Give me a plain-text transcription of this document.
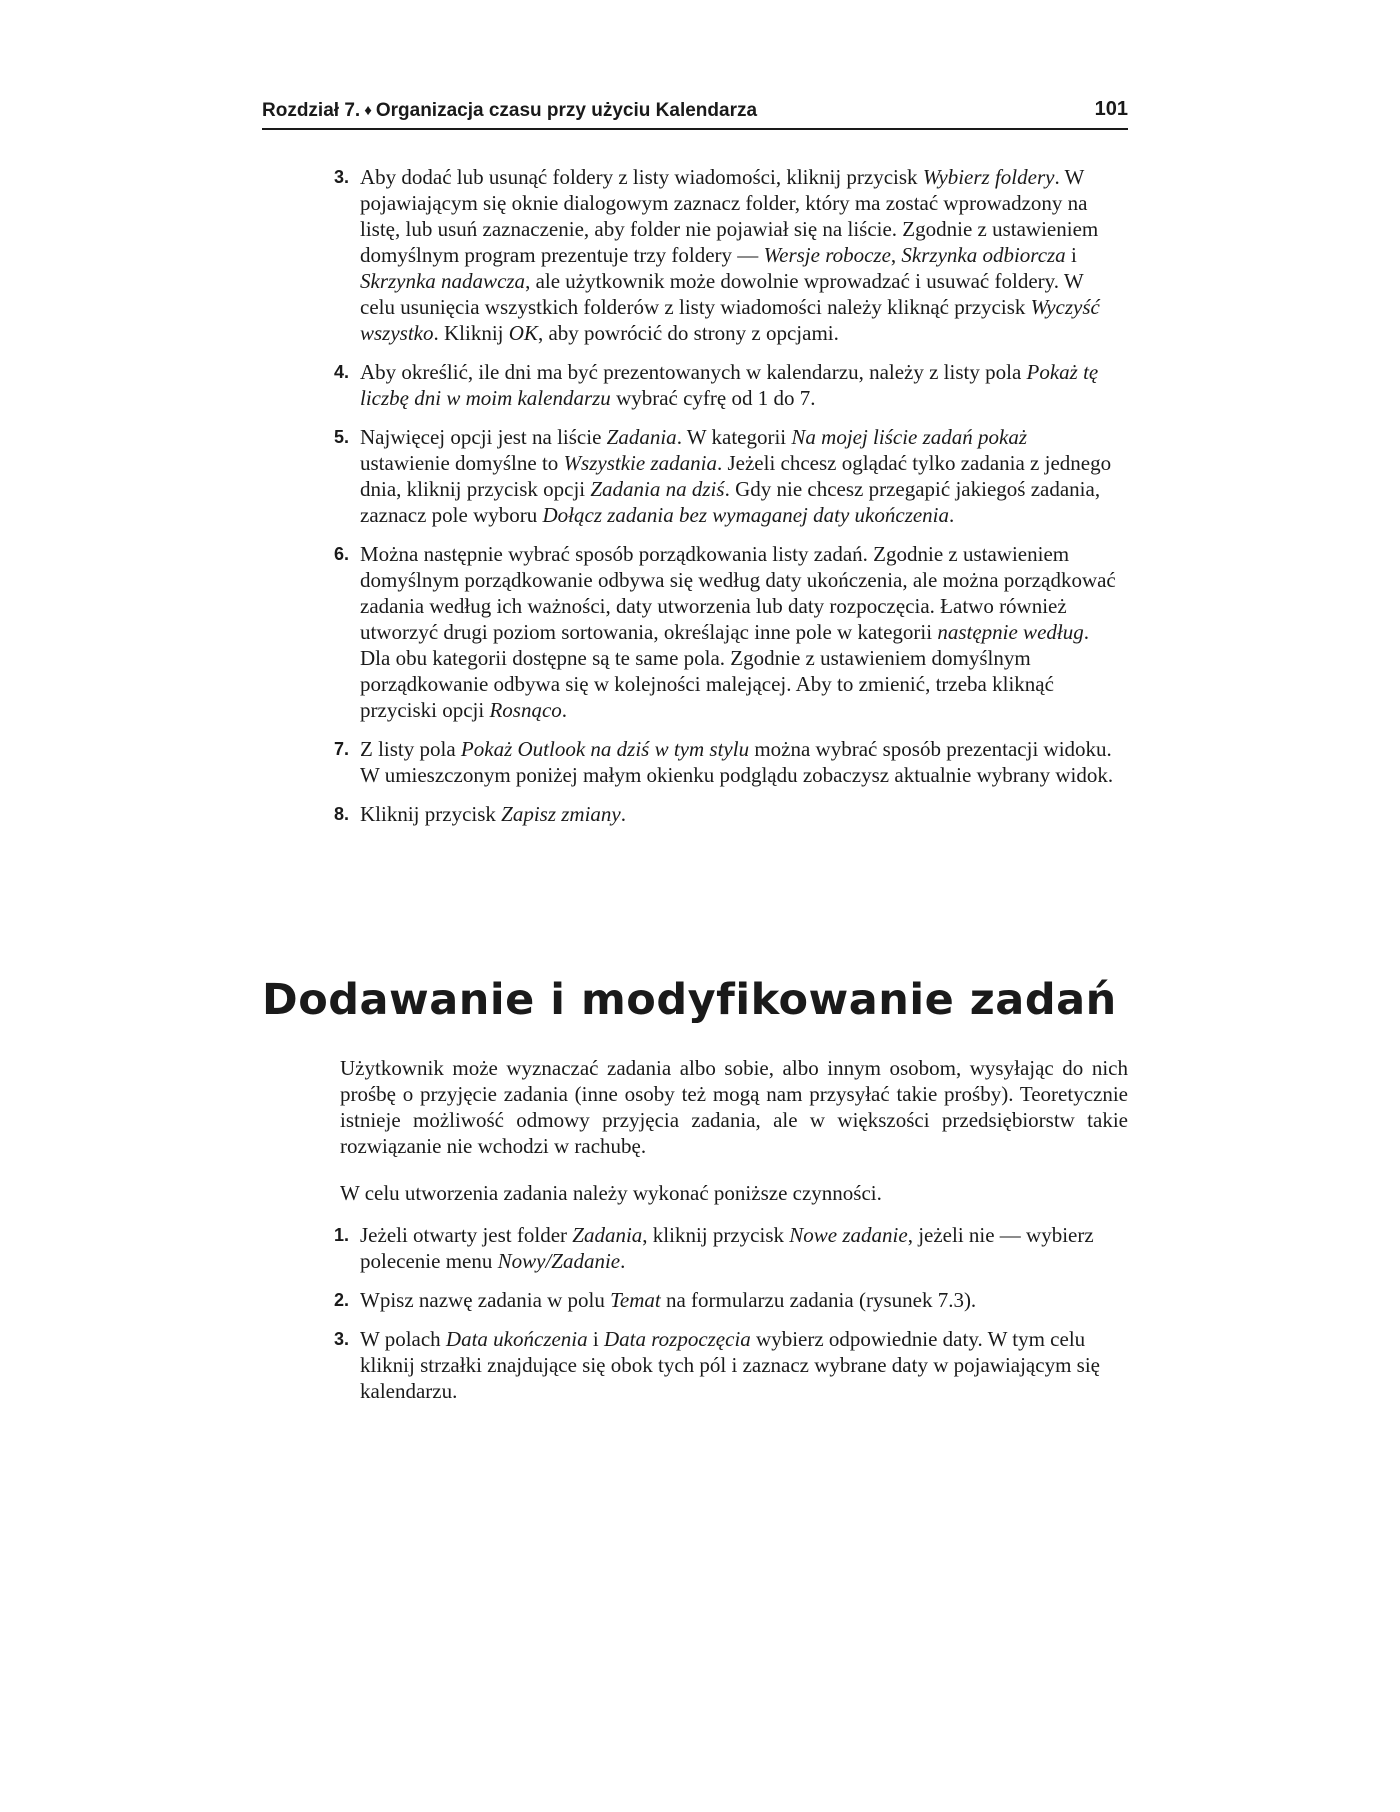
Rozdział 7. ♦ Organizacja czasu przy użyciu Kalendarza	101
3. Aby dodać lub usunąć foldery z listy wiadomości, kliknij przycisk Wybierz foldery. W pojawiającym się oknie dialogowym zaznacz folder, który ma zostać wprowadzony na listę, lub usuń zaznaczenie, aby folder nie pojawiał się na liście. Zgodnie z ustawieniem domyślnym program prezentuje trzy foldery — Wersje robocze, Skrzynka odbiorcza i Skrzynka nadawcza, ale użytkownik może dowolnie wprowadzać i usuwać foldery. W celu usunięcia wszystkich folderów z listy wiadomości należy kliknąć przycisk Wyczyść wszystko. Kliknij OK, aby powrócić do strony z opcjami.
4. Aby określić, ile dni ma być prezentowanych w kalendarzu, należy z listy pola Pokaż tę liczbę dni w moim kalendarzu wybrać cyfrę od 1 do 7.
5. Najwięcej opcji jest na liście Zadania. W kategorii Na mojej liście zadań pokaż ustawienie domyślne to Wszystkie zadania. Jeżeli chcesz oglądać tylko zadania z jednego dnia, kliknij przycisk opcji Zadania na dziś. Gdy nie chcesz przegapić jakiegoś zadania, zaznacz pole wyboru Dołącz zadania bez wymaganej daty ukończenia.
6. Można następnie wybrać sposób porządkowania listy zadań. Zgodnie z ustawieniem domyślnym porządkowanie odbywa się według daty ukończenia, ale można porządkować zadania według ich ważności, daty utworzenia lub daty rozpoczęcia. Łatwo również utworzyć drugi poziom sortowania, określając inne pole w kategorii następnie według. Dla obu kategorii dostępne są te same pola. Zgodnie z ustawieniem domyślnym porządkowanie odbywa się w kolejności malejącej. Aby to zmienić, trzeba kliknąć przyciski opcji Rosnąco.
7. Z listy pola Pokaż Outlook na dziś w tym stylu można wybrać sposób prezentacji widoku. W umieszczonym poniżej małym okienku podglądu zobaczysz aktualnie wybrany widok.
8. Kliknij przycisk Zapisz zmiany.
Dodawanie i modyfikowanie zadań

Użytkownik może wyznaczać zadania albo sobie, albo innym osobom, wysyłając do nich prośbę o przyjęcie zadania (inne osoby też mogą nam przysyłać takie prośby). Teoretycznie istnieje możliwość odmowy przyjęcia zadania, ale w większości przedsiębiorstw takie rozwiązanie nie wchodzi w rachubę.

W celu utworzenia zadania należy wykonać poniższe czynności.

1. Jeżeli otwarty jest folder Zadania, kliknij przycisk Nowe zadanie, jeżeli nie — wybierz polecenie menu Nowy/Zadanie.
2. Wpisz nazwę zadania w polu Temat na formularzu zadania (rysunek 7.3).
3. W polach Data ukończenia i Data rozpoczęcia wybierz odpowiednie daty. W tym celu kliknij strzałki znajdujące się obok tych pól i zaznacz wybrane daty w pojawiającym się kalendarzu.
